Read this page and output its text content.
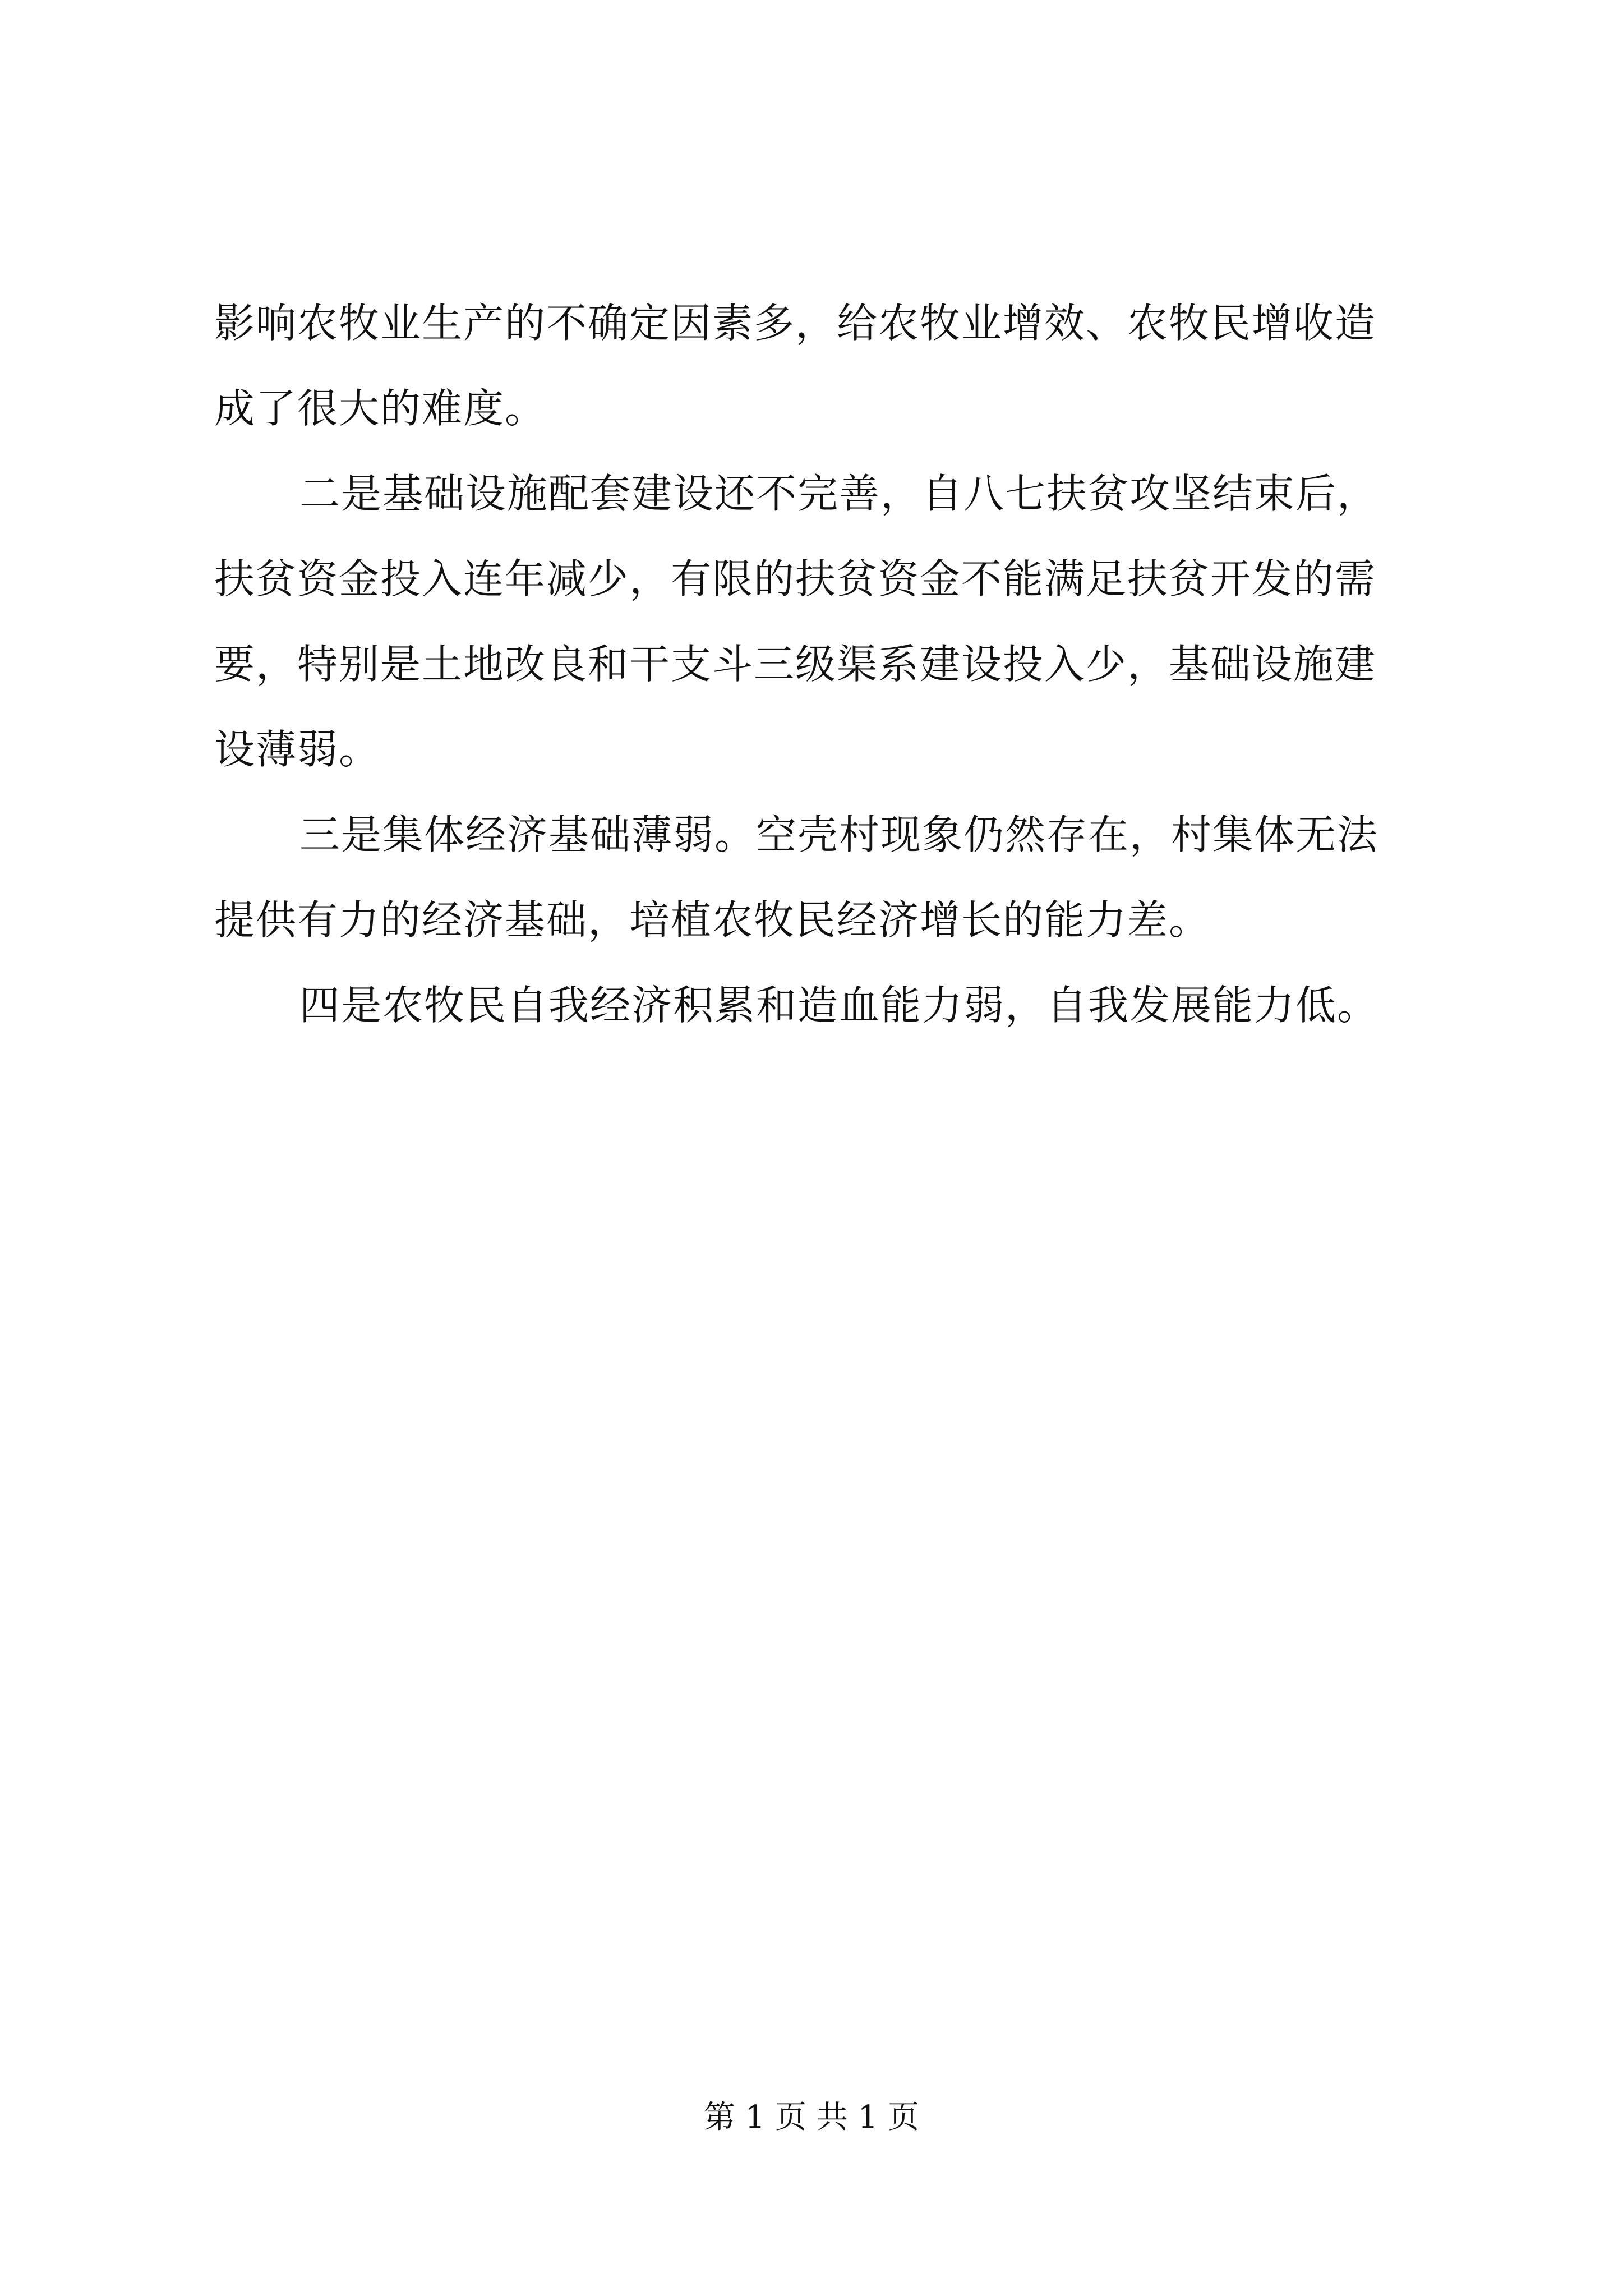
影响农牧业生产的不确定因素多，给农牧业增效、农牧民增收造
成了很大的难度。
二是基础设施配套建设还不完善，自八七扶贫攻坚结束后，
扶贫资金投入连年减少，有限的扶贫资金不能满足扶贫开发的需
要，特别是土地改良和干支斗三级渠系建设投入少，基础设施建
设薄弱。
三是集体经济基础薄弱。空壳村现象仍然存在，村集体无法
提供有力的经济基础，培植农牧民经济增长的能力差。
四是农牧民自我经济积累和造血能力弱，自我发展能力低。
第 1 页 共 1 页
